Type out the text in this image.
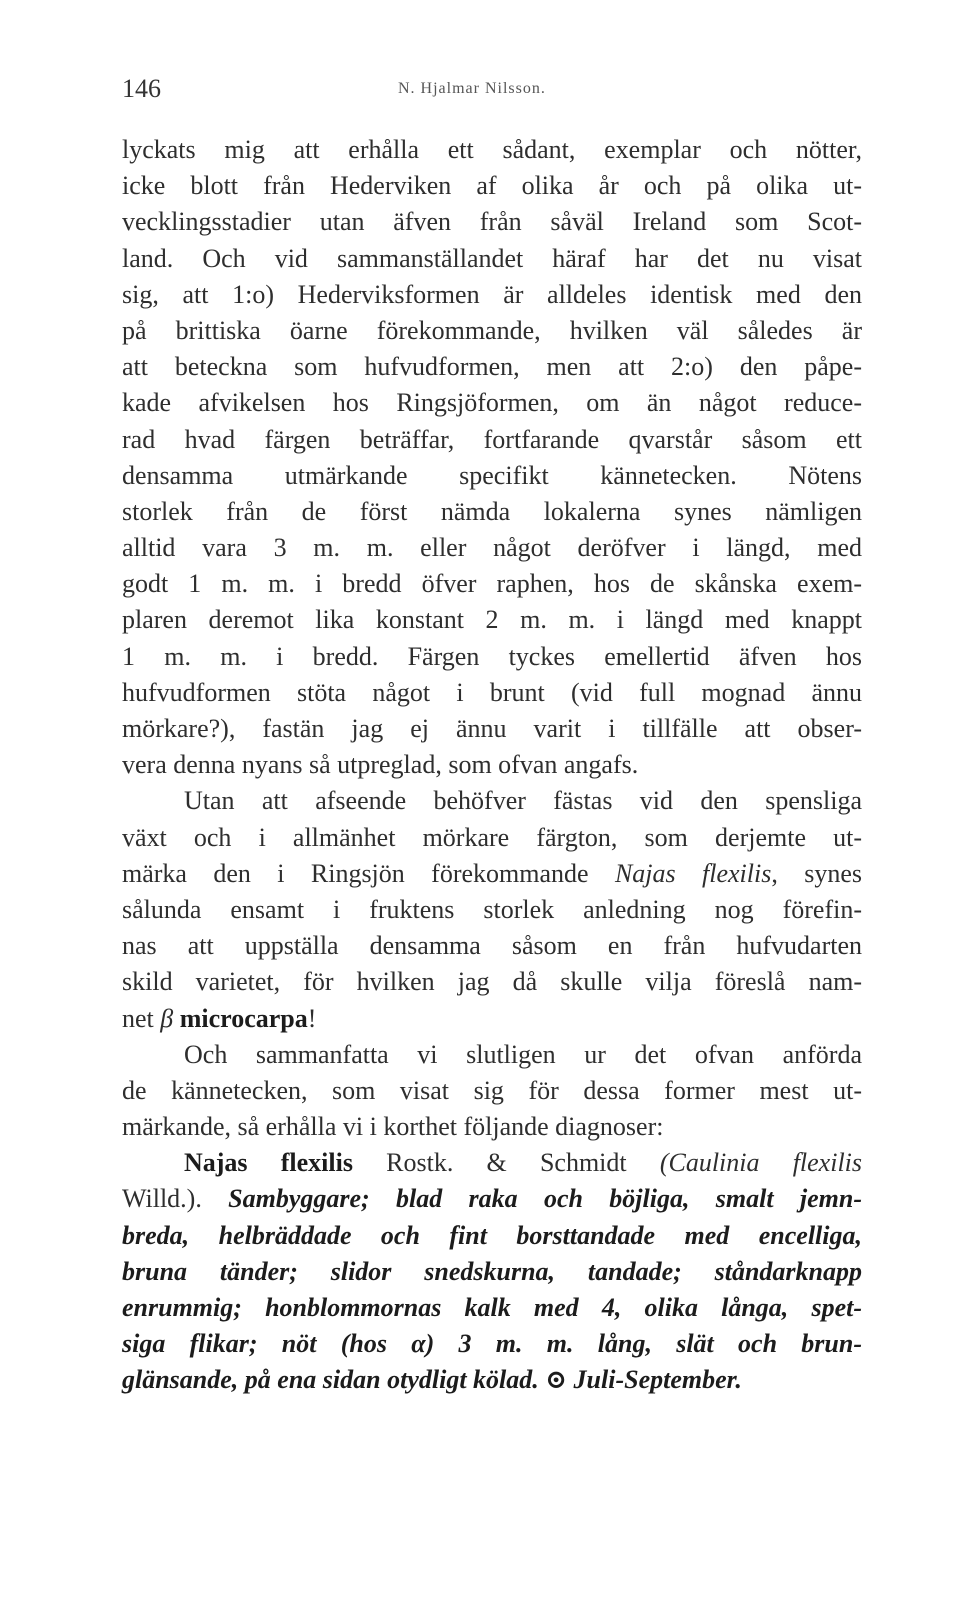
146	N. Hjalmar Nilsson.
lyckats mig att erhålla ett sådant, exemplar och nötter,
icke blott från Hederviken af olika år och på olika ut-
vecklingsstadier utan äfven från såväl Ireland som Scot-
land. Och vid sammanställandet häraf har det nu visat
sig, att 1:o) Hederviksformen är alldeles identisk med den
på brittiska öarne förekommande, hvilken väl således är
att beteckna som hufvudformen, men att 2:o) den påpe-
kade afvikelsen hos Ringsjöformen, om än något reduce-
rad hvad färgen beträffar, fortfarande qvarstår såsom ett
densamma utmärkande specifikt kännetecken. Nötens
storlek från de först nämda lokalerna synes nämligen
alltid vara 3 m. m. eller något deröfver i längd, med
godt 1 m. m. i bredd öfver raphen, hos de skånska exem-
plaren deremot lika konstant 2 m. m. i längd med knappt
1 m. m. i bredd. Färgen tyckes emellertid äfven hos
hufvudformen stöta något i brunt (vid full mognad ännu
mörkare?), fastän jag ej ännu varit i tillfälle att obser-
vera denna nyans så utpreglad, som ofvan angafs.
Utan att afseende behöfver fästas vid den spensliga
växt och i allmänhet mörkare färgton, som derjemte ut-
märka den i Ringsjön förekommande Najas flexilis, synes
sålunda ensamt i fruktens storlek anledning nog förefin-
nas att uppställa densamma såsom en från hufvudarten
skild varietet, för hvilken jag då skulle vilja föreslå nam-
net β microcarpa!
Och sammanfatta vi slutligen ur det ofvan anförda
de kännetecken, som visat sig för dessa former mest ut-
märkande, så erhålla vi i korthet följande diagnoser:
Najas flexilis Rostk. & Schmidt (Caulinia flexilis
Willd.). Sambyggare; blad raka och böjliga, smalt jemn-
breda, helbräddade och fint borsttandade med encelliga,
bruna tänder; slidor snedskurna, tandade; ståndarknapp
enrummig; honblommornas kalk med 4, olika långa, spet-
siga flikar; nöt (hos α) 3 m. m. lång, slät och brun-
glänsande, på ena sidan otydligt kölad. ⊙ Juli-September.
